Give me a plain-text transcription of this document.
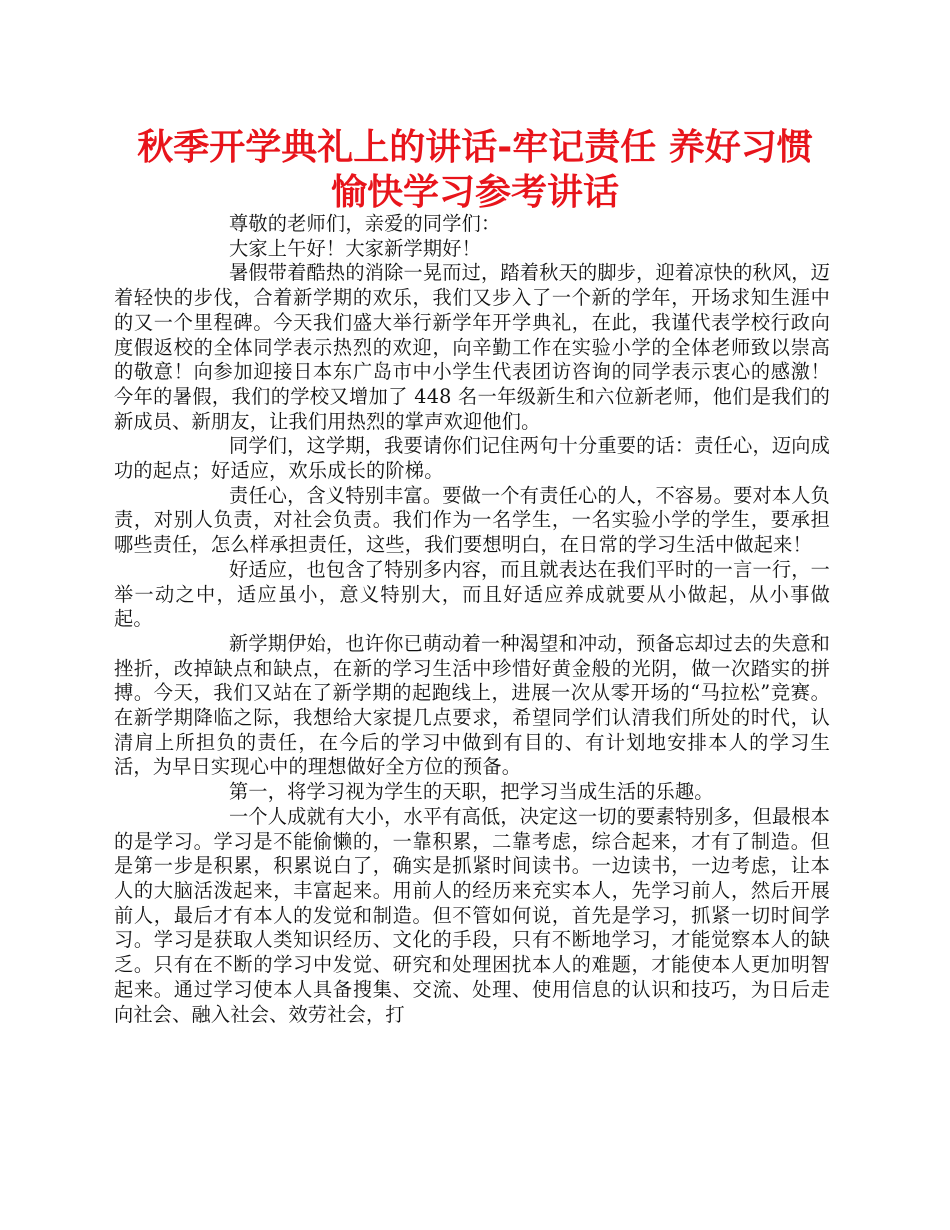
秋季开学典礼上的讲话-牢记责任 养好习惯
愉快学习参考讲话

尊敬的老师们，亲爱的同学们：

大家上午好！大家新学期好！

暑假带着酷热的消除一晃而过，踏着秋天的脚步，迎着凉快的秋风，迈着轻快的步伐，合着新学期的欢乐，我们又步入了一个新的学年，开场求知生涯中的又一个里程碑。今天我们盛大举行新学年开学典礼，在此，我谨代表学校行政向度假返校的全体同学表示热烈的欢迎，向辛勤工作在实验小学的全体老师致以崇高的敬意！向参加迎接日本东广岛市中小学生代表团访咨询的同学表示衷心的感激！今年的暑假，我们的学校又增加了 448 名一年级新生和六位新老师，他们是我们的新成员、新朋友，让我们用热烈的掌声欢迎他们。

同学们，这学期，我要请你们记住两句十分重要的话：责任心，迈向成功的起点；好适应，欢乐成长的阶梯。

责任心，含义特别丰富。要做一个有责任心的人，不容易。要对本人负责，对别人负责，对社会负责。我们作为一名学生，一名实验小学的学生，要承担哪些责任，怎么样承担责任，这些，我们要想明白，在日常的学习生活中做起来！

好适应，也包含了特别多内容，而且就表达在我们平时的一言一行，一举一动之中，适应虽小，意义特别大，而且好适应养成就要从小做起，从小事做起。

新学期伊始，也许你已萌动着一种渴望和冲动，预备忘却过去的失意和挫折，改掉缺点和缺点，在新的学习生活中珍惜好黄金般的光阴，做一次踏实的拼搏。今天，我们又站在了新学期的起跑线上，进展一次从零开场的“马拉松”竞赛。在新学期降临之际，我想给大家提几点要求，希望同学们认清我们所处的时代，认清肩上所担负的责任，在今后的学习中做到有目的、有计划地安排本人的学习生活，为早日实现心中的理想做好全方位的预备。

第一，将学习视为学生的天职，把学习当成生活的乐趣。

一个人成就有大小，水平有高低，决定这一切的要素特别多，但最根本的是学习。学习是不能偷懒的，一靠积累，二靠考虑，综合起来，才有了制造。但是第一步是积累，积累说白了，确实是抓紧时间读书。一边读书，一边考虑，让本人的大脑活泼起来，丰富起来。用前人的经历来充实本人，先学习前人，然后开展前人，最后才有本人的发觉和制造。但不管如何说，首先是学习，抓紧一切时间学习。学习是获取人类知识经历、文化的手段，只有不断地学习，才能觉察本人的缺乏。只有在不断的学习中发觉、研究和处理困扰本人的难题，才能使本人更加明智起来。通过学习使本人具备搜集、交流、处理、使用信息的认识和技巧，为日后走向社会、融入社会、效劳社会，打
